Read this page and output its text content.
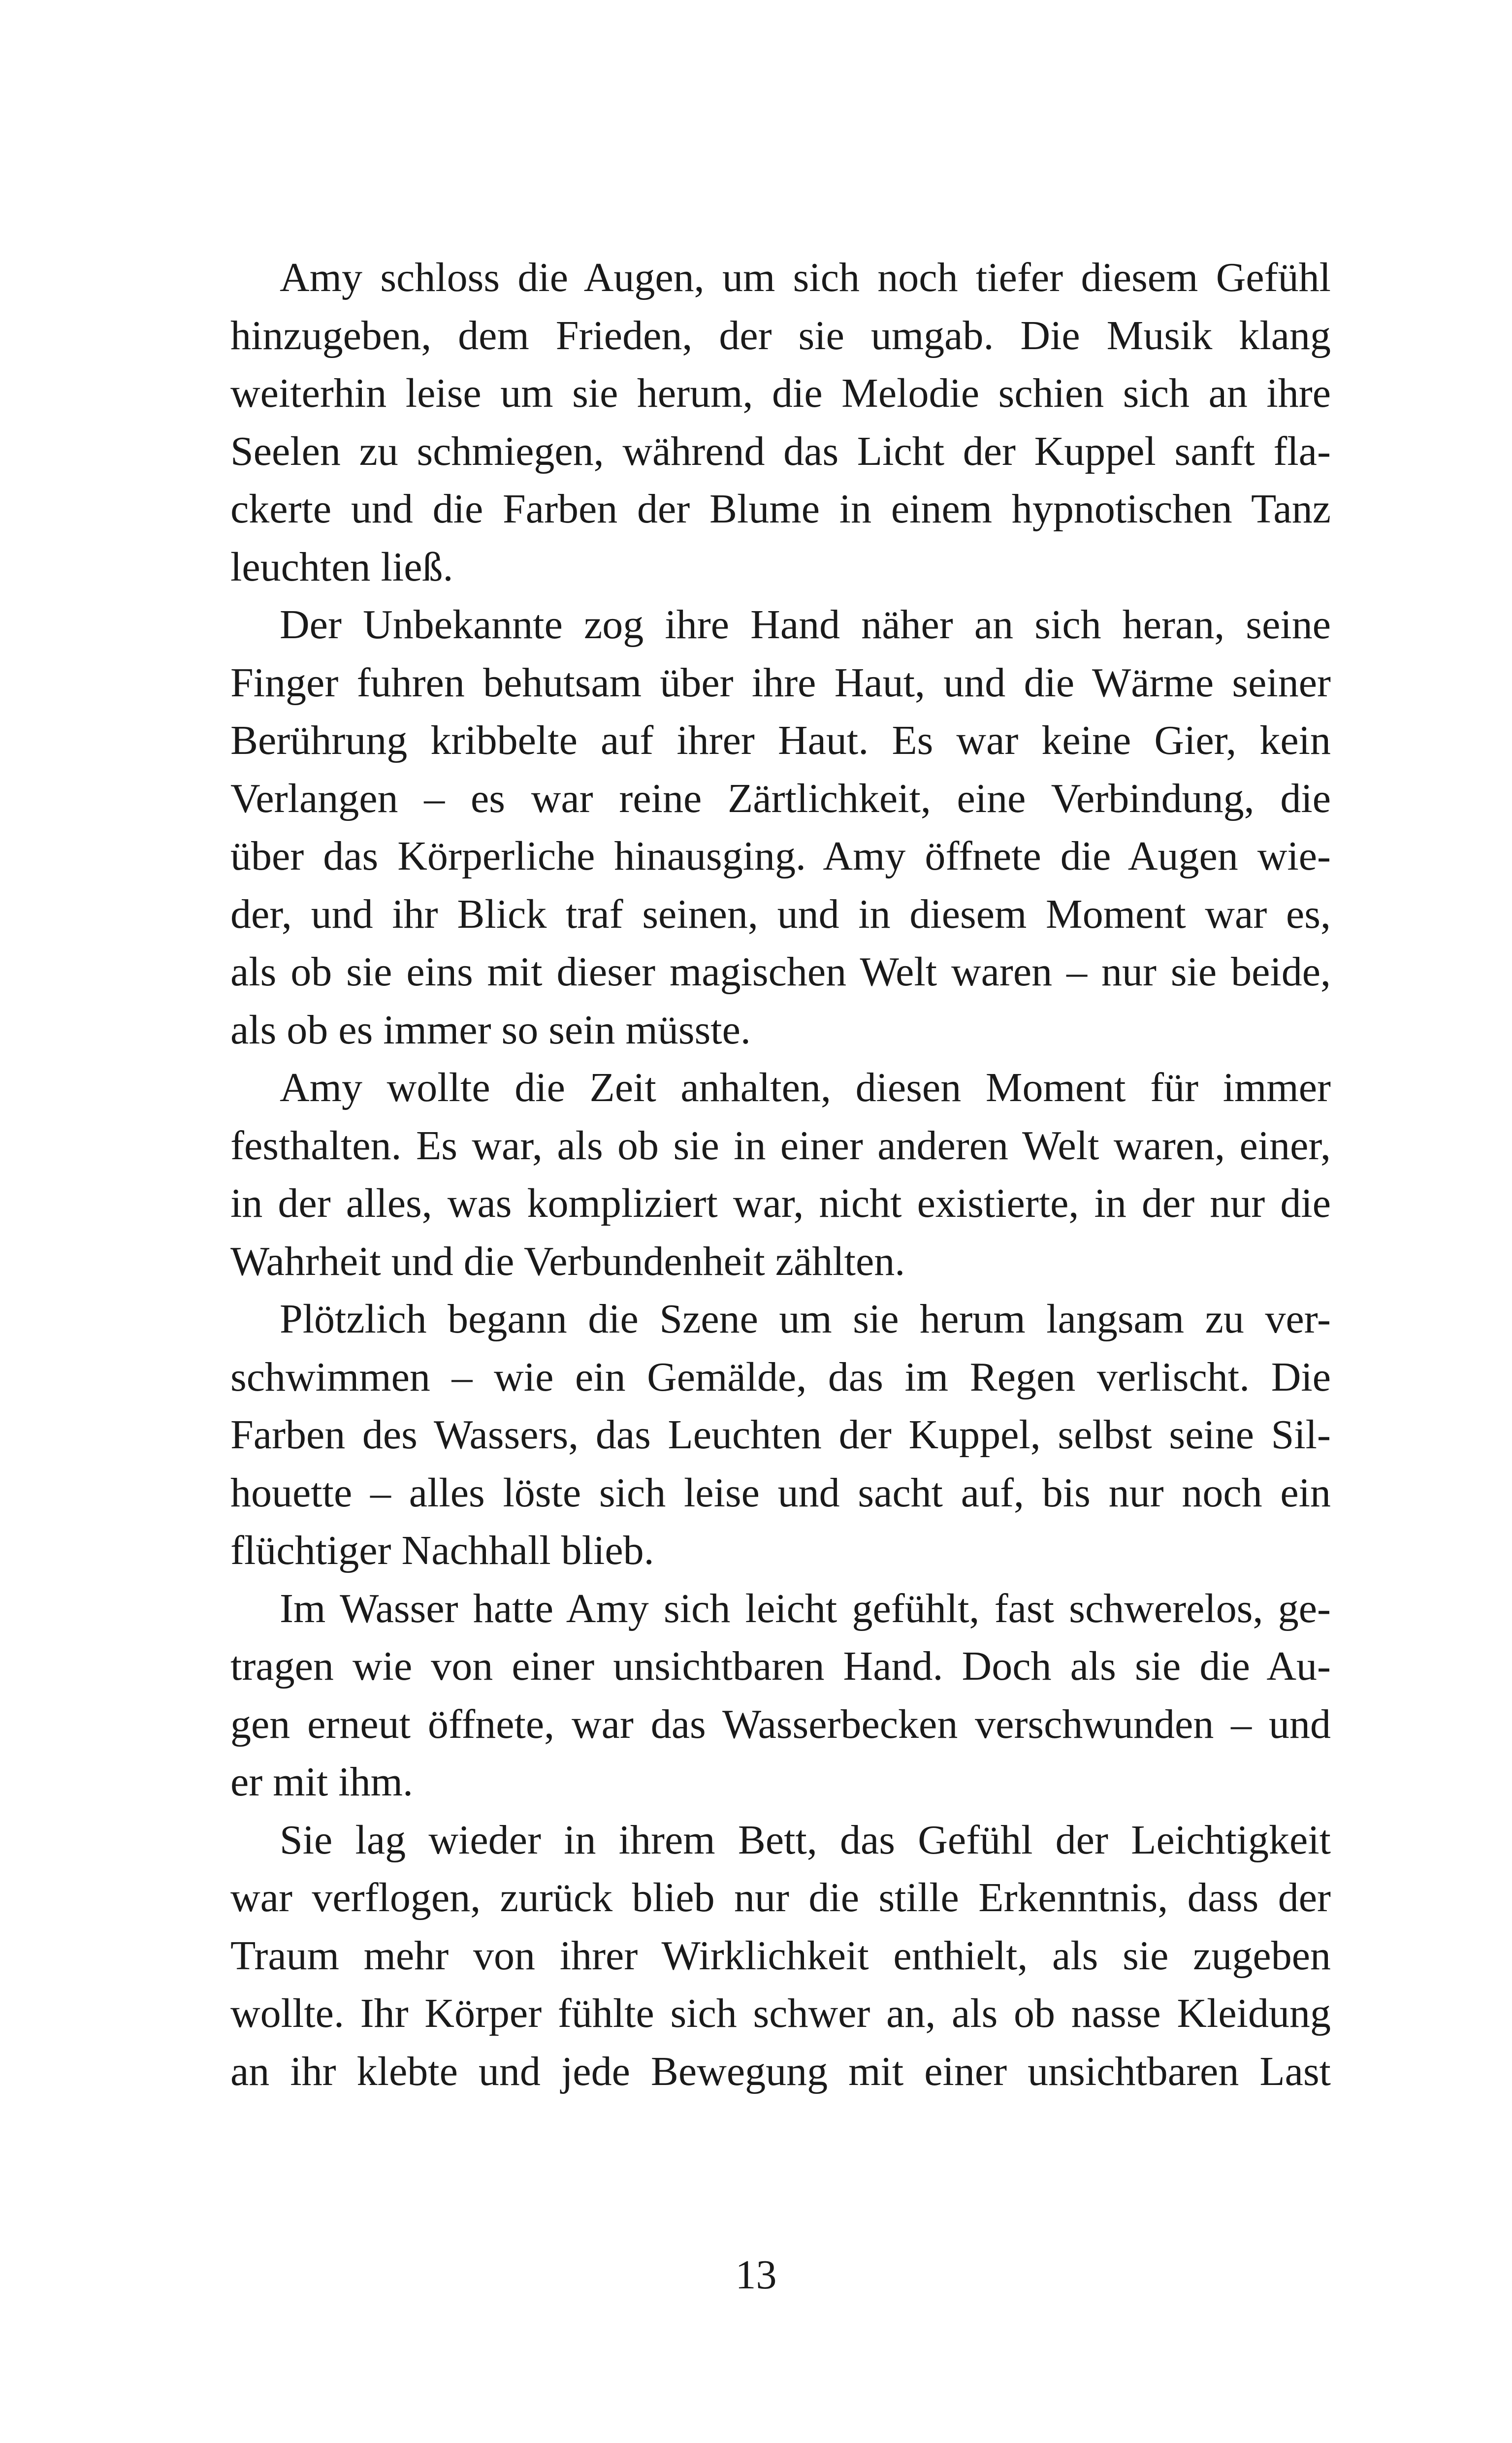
Amy schloss die Augen, um sich noch tiefer diesem Gefühl
hinzugeben, dem Frieden, der sie umgab. Die Musik klang
weiterhin leise um sie herum, die Melodie schien sich an ihre
Seelen zu schmiegen, während das Licht der Kuppel sanft fla-
ckerte und die Farben der Blume in einem hypnotischen Tanz
leuchten ließ.
Der Unbekannte zog ihre Hand näher an sich heran, seine
Finger fuhren behutsam über ihre Haut, und die Wärme seiner
Berührung kribbelte auf ihrer Haut. Es war keine Gier, kein
Verlangen – es war reine Zärtlichkeit, eine Verbindung, die
über das Körperliche hinausging. Amy öffnete die Augen wie-
der, und ihr Blick traf seinen, und in diesem Moment war es,
als ob sie eins mit dieser magischen Welt waren – nur sie beide,
als ob es immer so sein müsste.
Amy wollte die Zeit anhalten, diesen Moment für immer
festhalten. Es war, als ob sie in einer anderen Welt waren, einer,
in der alles, was kompliziert war, nicht existierte, in der nur die
Wahrheit und die Verbundenheit zählten.
Plötzlich begann die Szene um sie herum langsam zu ver-
schwimmen – wie ein Gemälde, das im Regen verlischt. Die
Farben des Wassers, das Leuchten der Kuppel, selbst seine Sil-
houette – alles löste sich leise und sacht auf, bis nur noch ein
flüchtiger Nachhall blieb.
Im Wasser hatte Amy sich leicht gefühlt, fast schwerelos, ge-
tragen wie von einer unsichtbaren Hand. Doch als sie die Au-
gen erneut öffnete, war das Wasserbecken verschwunden – und
er mit ihm.
Sie lag wieder in ihrem Bett, das Gefühl der Leichtigkeit
war verflogen, zurück blieb nur die stille Erkenntnis, dass der
Traum mehr von ihrer Wirklichkeit enthielt, als sie zugeben
wollte. Ihr Körper fühlte sich schwer an, als ob nasse Kleidung
an ihr klebte und jede Bewegung mit einer unsichtbaren Last
13
